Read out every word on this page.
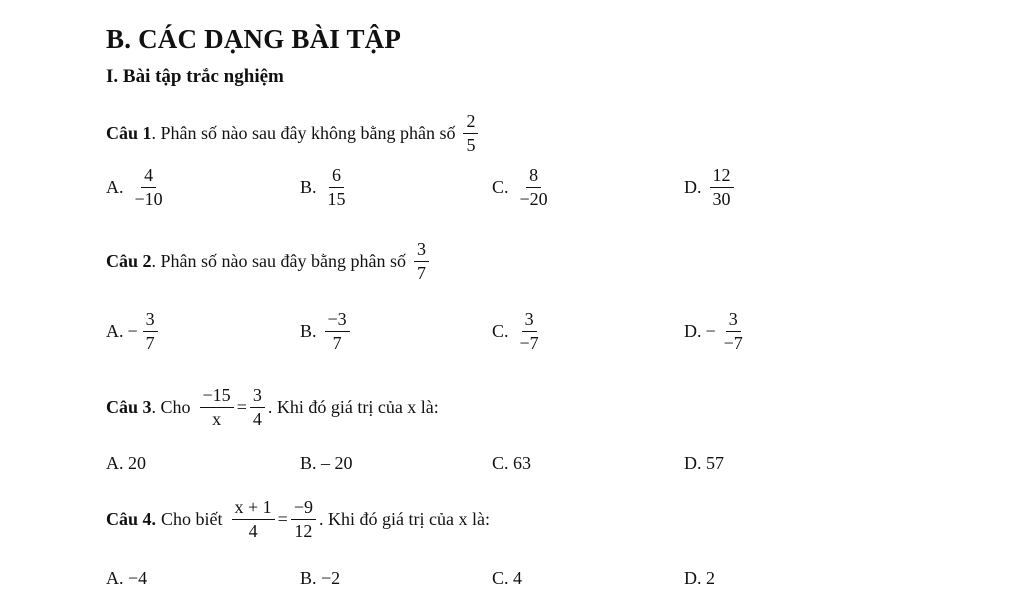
B. CÁC DẠNG BÀI TẬP
I. Bài tập trắc nghiệm
Câu 1 . Phân số nào sau đây không bằng phân số $\frac{2}{5}$
A. $\frac{4}{-10}$	B. $\frac{6}{15}$	C. $\frac{8}{-20}$	D. $\frac{12}{30}$
Câu 2 . Phân số nào sau đây bằng phân số $\frac{3}{7}$
A. − $\frac{3}{7}$	B. $\frac{-3}{7}$	C. $\frac{3}{-7}$	D. − $\frac{3}{-7}$
Câu 3 . Cho $\frac{-15}{x} = \frac{3}{4}$ . Khi đó giá trị của x là:
A. 20	B. – 20	C. 63	D. 57
Câu 4. Cho biết $\frac{x + 1}{4} = \frac{-9}{12}$ . Khi đó giá trị của x là:
A. −4	B. −2	C. 4	D. 2
